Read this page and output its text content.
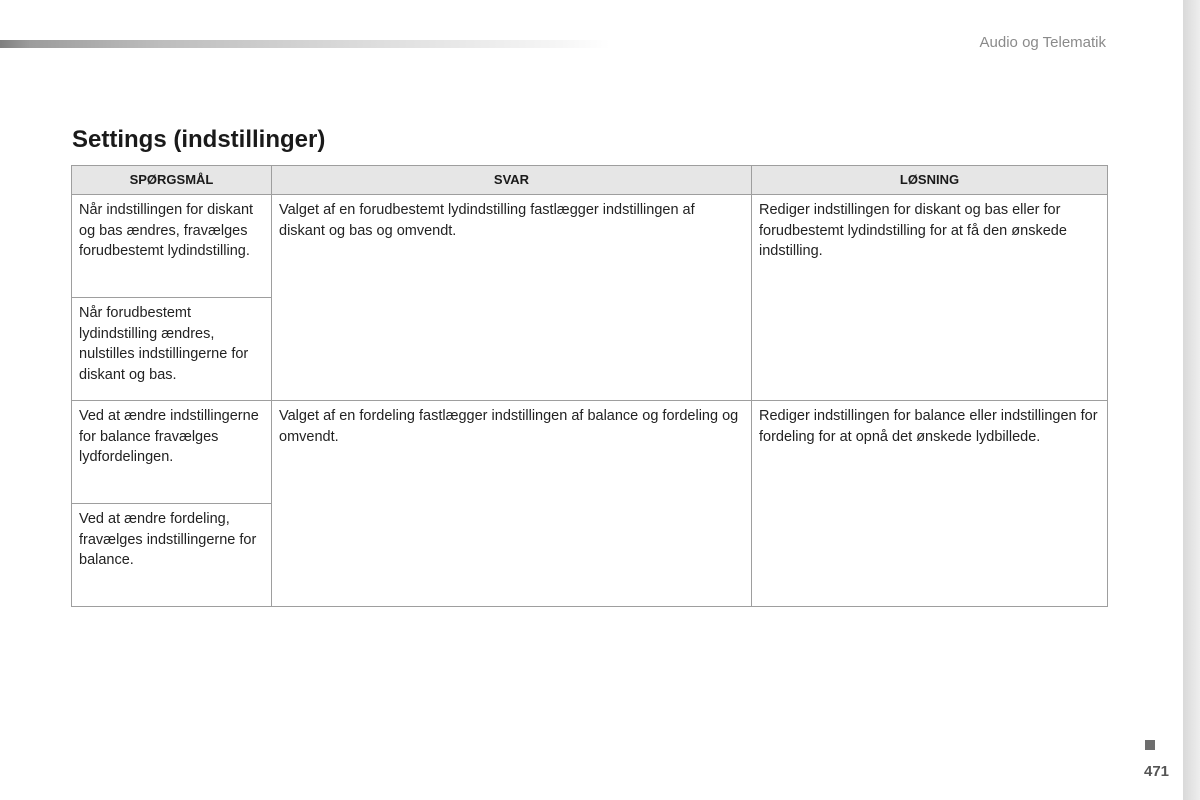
Audio og Telematik
Settings (indstillinger)
SPØRGSMÅL	SVAR	LØSNING
Når indstillingen for diskant og bas ændres, fravælges forudbestemt lydindstilling.	Valget af en forudbestemt lydindstilling fastlægger indstillingen af diskant og bas og omvendt.	Rediger indstillingen for diskant og bas eller for forudbestemt lydindstilling for at få den ønskede indstilling.
Når forudbestemt lydindstilling ændres, nulstilles indstillingerne for diskant og bas.		
Ved at ændre indstillingerne for balance fravælges lydfordelingen.	Valget af en fordeling fastlægger indstillingen af balance og fordeling og omvendt.	Rediger indstillingen for balance eller indstillingen for fordeling for at opnå det ønskede lydbillede.
Ved at ændre fordeling, fravælges indstillingerne for balance.		
471
